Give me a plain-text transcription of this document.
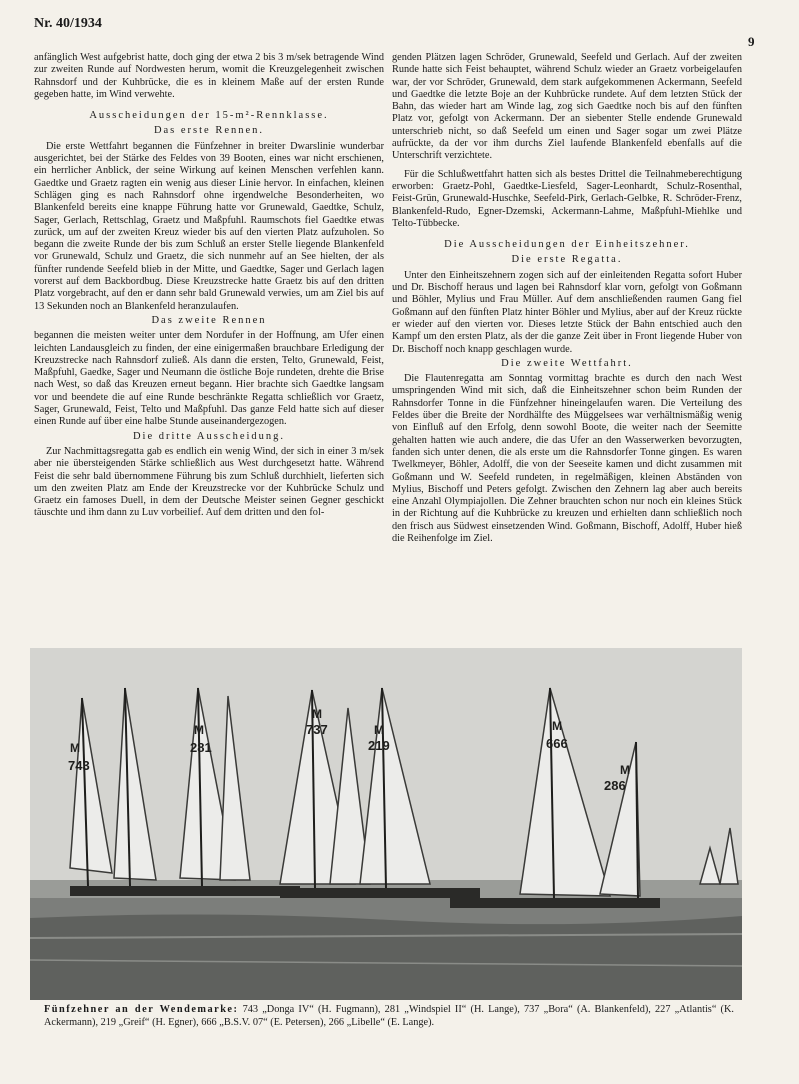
Nr. 40/1934
9

anfänglich West aufgebrist hatte, doch ging der etwa 2 bis 3 m/sek betragende Wind zur zweiten Runde auf Nordwesten herum, womit die Kreuzgelegenheit zwischen Rahnsdorf und der Kuhbrücke, die es in kleinem Maße auf der ersten Runde gegeben hatte, im Wind verwehte.

Ausscheidungen der 15-m²-Rennklasse.
Das erste Rennen.

Die erste Wettfahrt begannen die Fünfzehner in breiter Dwarslinie wunderbar ausgerichtet, bei der Stärke des Feldes von 39 Booten, eines war nicht erschienen, ein herrlicher Anblick, der seine Wirkung auf keinen Menschen verfehlen kann. Gaedtke und Graetz ragten ein wenig aus dieser Linie hervor. In einfachen, kleinen Schlägen ging es nach Rahnsdorf ohne irgendwelche Besonderheiten, wo Blankenfeld bereits eine knappe Führung hatte vor Grunewald, Gaedtke, Schulz, Sager, Gerlach, Rettschlag, Graetz und Maßpfuhl. Raumschots fiel Gaedtke etwas zurück, um auf der zweiten Kreuz wieder bis auf den vierten Platz aufzuholen. So begann die zweite Runde der bis zum Schluß an erster Stelle liegende Blankenfeld vor Grunewald, Schulz und Graetz, die sich nunmehr auf an See hielten, der als fünfter rundende Seefeld blieb in der Mitte, und Gaedtke, Sager und Gerlach lagen vorerst auf dem Backbordbug. Diese Kreuzstrecke hatte Graetz bis auf den dritten Platz vorgebracht, auf den er dann sehr bald Grunewald verwies, um am Ziel bis auf 13 Sekunden noch an Blankenfeld heranzulaufen.

Das zweite Rennen

begannen die meisten weiter unter dem Nordufer in der Hoffnung, am Ufer einen leichten Landausgleich zu finden, der eine einigermaßen brauchbare Erledigung der Kreuzstrecke nach Rahnsdorf zuließ. Als dann die ersten, Telto, Grunewald, Feist, Maßpfuhl, Gaedke, Sager und Neumann die östliche Boje rundeten, drehte die Brise nach West, so daß das Kreuzen erneut begann. Hier brachte sich Gaedtke langsam vor und beendete die auf eine Runde beschränkte Regatta schließlich vor Graetz, Sager, Grunewald, Feist, Telto und Maßpfuhl. Das ganze Feld hatte sich auf dieser einen Runde auf über eine halbe Stunde auseinandergezogen.

Die dritte Ausscheidung.

Zur Nachmittagsregatta gab es endlich ein wenig Wind, der sich in einer 3 m/sek aber nie übersteigenden Stärke schließlich aus West durchgesetzt hatte. Während Feist die sehr bald übernommene Führung bis zum Schluß durchhielt, lieferten sich um den zweiten Platz am Ende der Kreuzstrecke vor der Kuhbrücke Schulz und Graetz ein famoses Duell, in dem der Deutsche Meister seinen Gegner geschickt täuschte und ihm dann zu Luv vorbeilief. Auf dem dritten und den fol-

genden Plätzen lagen Schröder, Grunewald, Seefeld und Gerlach. Auf der zweiten Runde hatte sich Feist behauptet, während Schulz wieder an Graetz vorbeigelaufen war, der vor Schröder, Grunewald, dem stark aufgekommenen Ackermann, Seefeld und Gaedtke die letzte Boje an der Kuhbrücke rundete. Auf dem letzten Stück der Bahn, das wieder hart am Winde lag, zog sich Gaedtke noch bis auf den fünften Platz vor, gefolgt von Ackermann. Der an siebenter Stelle endende Grunewald unterschrieb nicht, so daß Seefeld um einen und Sager sogar um zwei Plätze aufrückte, da der vor ihm durchs Ziel laufende Blankenfeld ebenfalls auf die Unterschrift verzichtete.

Für die Schlußwettfahrt hatten sich als bestes Drittel die Teilnahmeberechtigung erworben: Graetz-Pohl, Gaedtke-Liesfeld, Sager-Leonhardt, Schulz-Rosenthal, Feist-Grün, Grunewald-Huschke, Seefeld-Pirk, Gerlach-Gelbke, R. Schröder-Frenz, Blankenfeld-Rudo, Egner-Dzemski, Ackermann-Lahme, Maßpfuhl-Miehlke und Telto-Tübbecke.

Die Ausscheidungen der Einheitszehner.
Die erste Regatta.

Unter den Einheitszehnern zogen sich auf der einleitenden Regatta sofort Huber und Dr. Bischoff heraus und lagen bei Rahnsdorf klar vorn, gefolgt von Goßmann und Böhler, Mylius und Frau Müller. Auf dem anschließenden raumen Gang fiel Goßmann auf den fünften Platz hinter Böhler und Mylius, aber auf der Kreuz rückte er wieder auf den vierten vor. Dieses letzte Stück der Bahn entschied auch den Kampf um den ersten Platz, als der die ganze Zeit über in Front liegende Huber von Dr. Bischoff noch knapp geschlagen wurde.

Die zweite Wettfahrt.

Die Flautenregatta am Sonntag vormittag brachte es durch den nach West umspringenden Wind mit sich, daß die Einheitszehner schon beim Runden der Rahnsdorfer Tonne in die Fünfzehner hineingelaufen waren. Die Verteilung des Feldes über die Breite der Nordhälfte des Müggelsees war verhältnismäßig wenig von Einfluß auf den Erfolg, denn sowohl Boote, die weiter nach der Seemitte gehalten hatten wie auch andere, die das Ufer an den Wasserwerken bevorzugten, fanden sich unter denen, die als erste um die Rahnsdorfer Tonne gingen. Es waren Twelkmeyer, Böhler, Adolff, die von der Seeseite kamen und dicht zusammen mit Goßmann und W. Seefeld rundeten, in regelmäßigen, kleinen Abständen von Mylius, Bischoff und Peters gefolgt. Zwischen den Zehnern lag aber auch bereits eine Anzahl Olympiajollen. Die Zehner brauchten schon nur noch ein kleines Stück in der Richtung auf die Kuhbrücke zu kreuzen und erhielten dann schließlich noch den frisch aus Südwest einsetzenden Wind. Goßmann, Bischoff, Adolff, Huber hieß die Reihenfolge im Ziel.

743
281
737
219	666
286
M
M
M
M	M
M
Fünfzehner an der Wendemarke: 743 „Donga IV“ (H. Fugmann), 281 „Windspiel II“ (H. Lange), 737 „Bora“ (A. Blankenfeld), 227 „Atlantis“ (K. Ackermann), 219 „Greif“ (H. Egner), 666 „B.S.V. 07“ (E. Petersen), 266 „Libelle“ (E. Lange).
